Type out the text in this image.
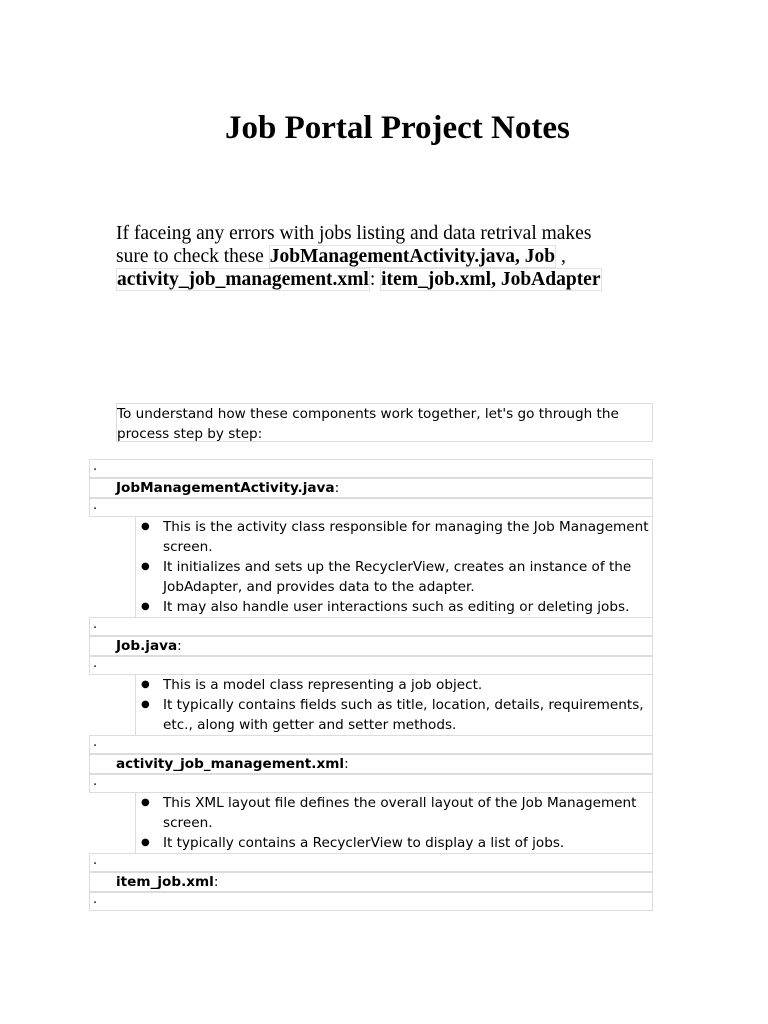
Job Portal Project Notes
If faceing any errors with jobs listing and data retrival makes
sure to check these JobManagementActivity.java, Job ,
activity_job_management.xml: item_job.xml, JobAdapter
To understand how these components work together, let's go through the process step by step:
.
JobManagementActivity.java:
.
● This is the activity class responsible for managing the Job Management screen.
● It initializes and sets up the RecyclerView, creates an instance of the JobAdapter, and provides data to the adapter.
● It may also handle user interactions such as editing or deleting jobs.
.
Job.java:
.
● This is a model class representing a job object.
● It typically contains fields such as title, location, details, requirements, etc., along with getter and setter methods.
.
activity_job_management.xml:
.
● This XML layout file defines the overall layout of the Job Management screen.
● It typically contains a RecyclerView to display a list of jobs.
.
item_job.xml:
.
